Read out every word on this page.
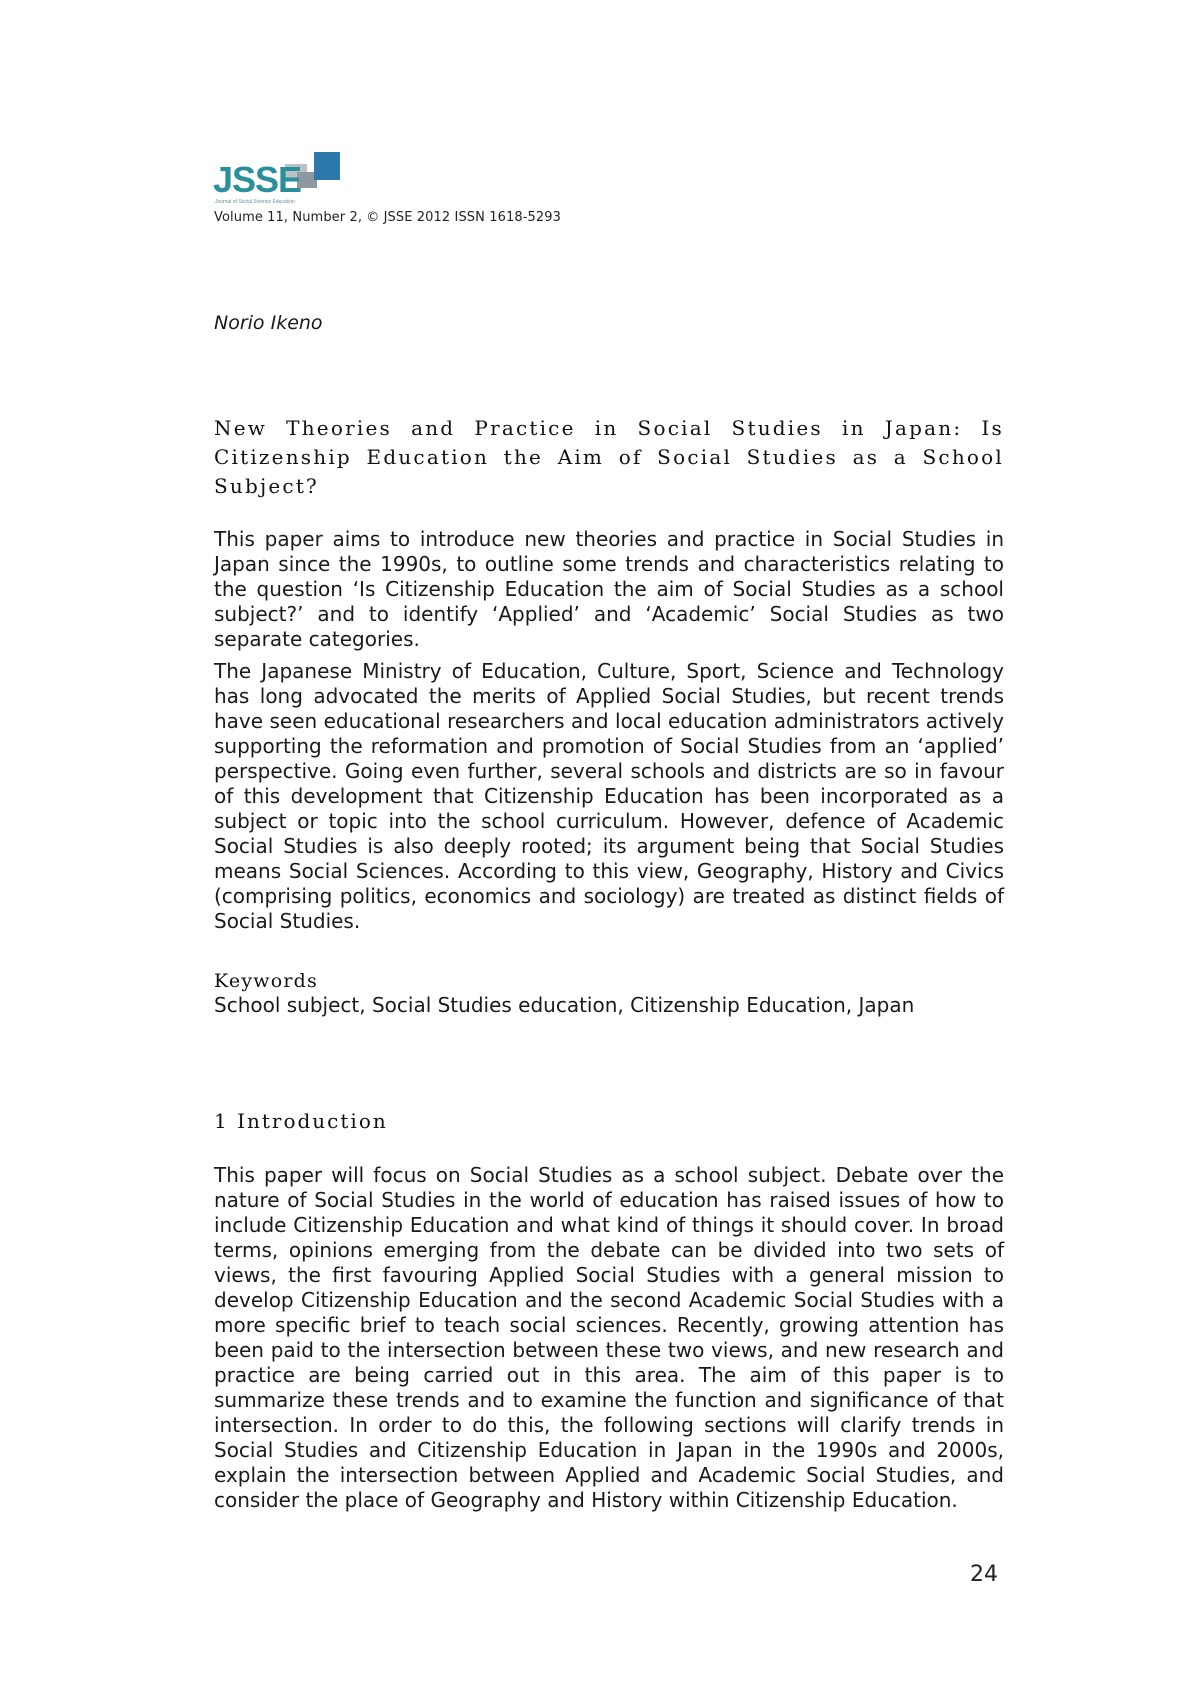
JSSE
Journal of Social Science Education
Volume 11, Number 2, © JSSE 2012 ISSN 1618-5293
Norio Ikeno
New Theories and Practice in Social Studies in Japan: Is Citizenship Education the Aim of Social Studies as a School Subject?

This paper aims to introduce new theories and practice in Social Studies in Japan since the 1990s, to outline some trends and characteristics relating to the question ‘Is Citizenship Education the aim of Social Studies as a school subject?’ and to identify ‘Applied’ and ‘Academic’ Social Studies as two separate categories.

The Japanese Ministry of Education, Culture, Sport, Science and Technology has long advocated the merits of Applied Social Studies, but recent trends have seen educational researchers and local education administrators actively supporting the reformation and promotion of Social Studies from an ‘applied’ perspective. Going even further, several schools and districts are so in favour of this development that Citizenship Education has been incorporated as a subject or topic into the school curriculum. However, defence of Academic Social Studies is also deeply rooted; its argument being that Social Studies means Social Sciences. According to this view, Geography, History and Civics (comprising politics, economics and sociology) are treated as distinct fields of Social Studies.

Keywords
School subject, Social Studies education, Citizenship Education, Japan
1 Introduction

This paper will focus on Social Studies as a school subject. Debate over the nature of Social Studies in the world of education has raised issues of how to include Citizenship Education and what kind of things it should cover. In broad terms, opinions emerging from the debate can be divided into two sets of views, the first favouring Applied Social Studies with a general mission to develop Citizenship Education and the second Academic Social Studies with a more specific brief to teach social sciences. Recently, growing attention has been paid to the intersection between these two views, and new research and practice are being carried out in this area. The aim of this paper is to summarize these trends and to examine the function and significance of that intersection. In order to do this, the following sections will clarify trends in Social Studies and Citizenship Education in Japan in the 1990s and 2000s, explain the intersection between Applied and Academic Social Studies, and consider the place of Geography and History within Citizenship Education.

24
